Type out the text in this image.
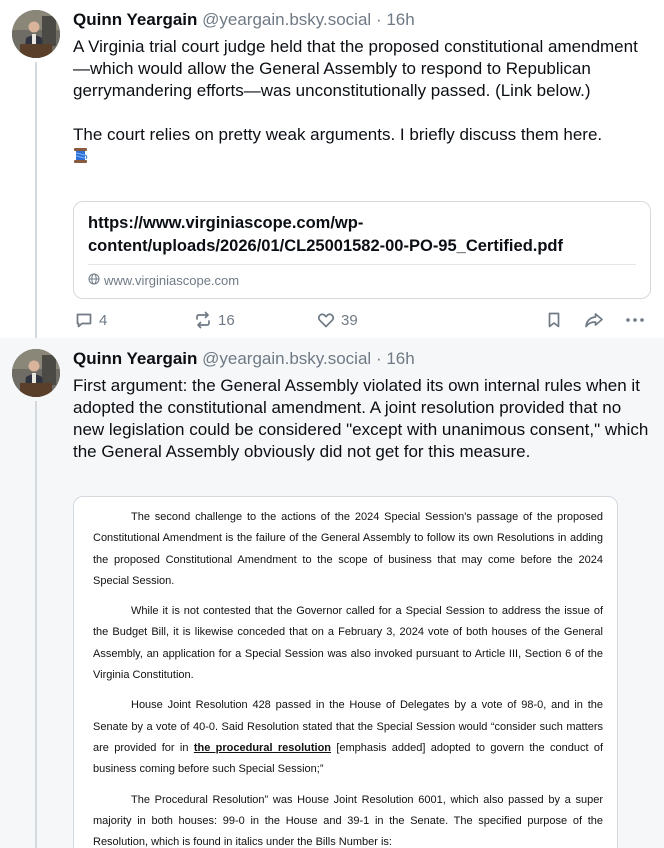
Quinn Yeargain @yeargain.bsky.social · 16h
A Virginia trial court judge held that the proposed constitutional amendment—which would allow the General Assembly to respond to Republican gerrymandering efforts—was unconstitutionally passed. (Link below.)
The court relies on pretty weak arguments. I briefly discuss them here.
https://www.virginiascope.com/wp-content/uploads/2026/01/CL25001582-00-PO-95_Certified.pdf
www.virginiascope.com
4	16	39
Quinn Yeargain @yeargain.bsky.social · 16h
First argument: the General Assembly violated its own internal rules when it adopted the constitutional amendment. A joint resolution provided that no new legislation could be considered "except with unanimous consent," which the General Assembly obviously did not get for this measure.
The second challenge to the actions of the 2024 Special Session's passage of the proposed Constitutional Amendment is the failure of the General Assembly to follow its own Resolutions in adding the proposed Constitutional Amendment to the scope of business that may come before the 2024 Special Session.
While it is not contested that the Governor called for a Special Session to address the issue of the Budget Bill, it is likewise conceded that on a February 3, 2024 vote of both houses of the General Assembly, an application for a Special Session was also invoked pursuant to Article III, Section 6 of the Virginia Constitution.
House Joint Resolution 428 passed in the House of Delegates by a vote of 98-0, and in the Senate by a vote of 40-0. Said Resolution stated that the Special Session would “consider such matters are provided for in the procedural resolution [emphasis added] adopted to govern the conduct of business coming before such Special Session;”
The Procedural Resolution” was House Joint Resolution 6001, which also passed by a super majority in both houses: 99-0 in the House and 39-1 in the Senate. The specified purpose of the Resolution, which is found in italics under the Bills Number is:
